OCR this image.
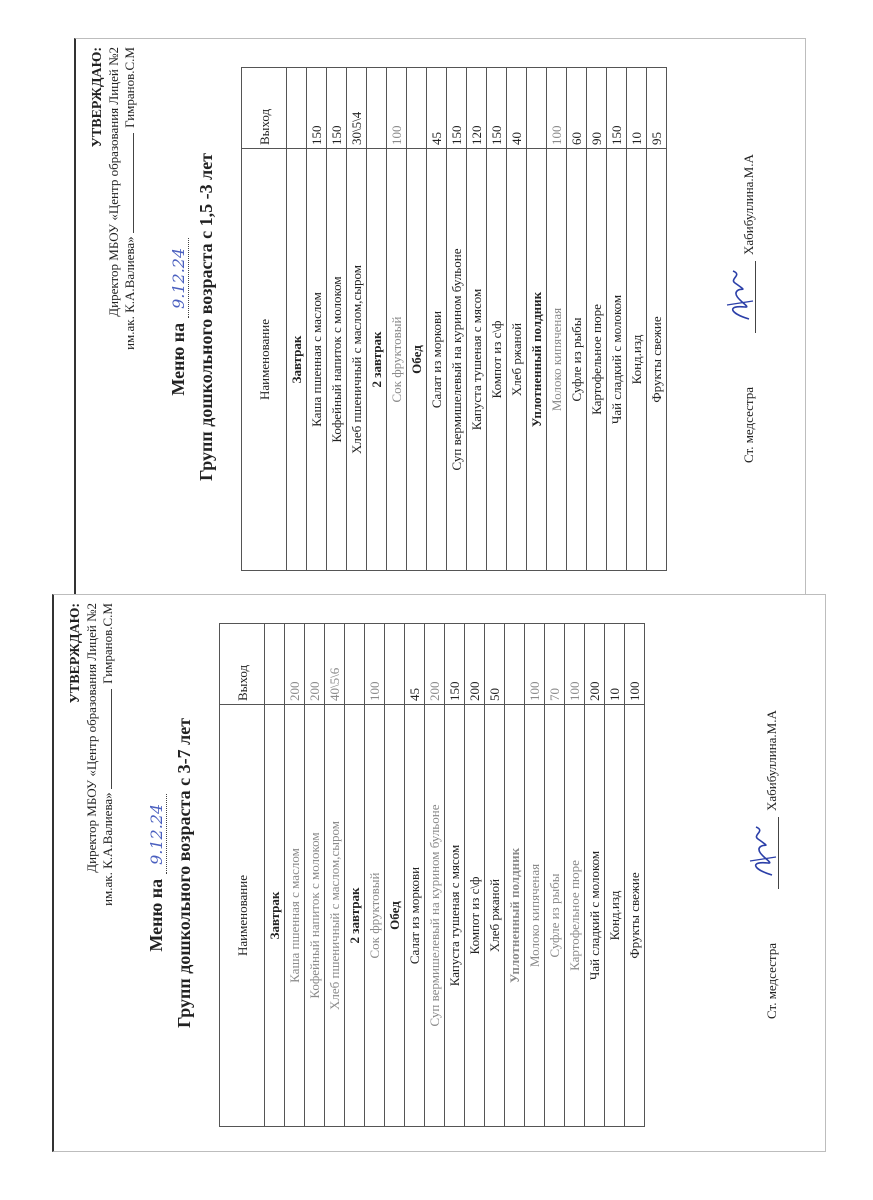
УТВЕРЖДАЮ: Директор МБОУ «Центр образования Лицей №2 им.ак. К.А.Валиева»  Гимранов.С.М
Меню на 9.12.24 Групп дошкольного возраста с 1,5 -3 лет	Наименование	Выход
Завтрак	
Каша пшенная с маслом	150
Кофейный напиток с молоком	150
Хлеб пшеничный с маслом,сыром	30\5\4
2 завтрак	
Сок фруктовый	100
Обед	
Салат из моркови	45
Суп вермишелевый на курином бульоне	150
Капуста тушеная с мясом	120
Компот из с\ф	150
Хлеб ржаной	40
Уплотненный полдник	
Молоко кипяченая	100
Суфле из рыбы	60
Картофельное пюре	90
Чай сладкий с молоком	150
Конд.изд	10
Фрукты свежие	95
Ст. медсестра
Хабибуллина.М.А
УТВЕРЖДАЮ: Директор МБОУ «Центр образования Лицей №2 им.ак. К.А.Валиева»  Гимранов.С.М
Меню на 9.12.24 Групп дошкольного возраста с 3-7 лет	Наименование	Выход
Завтрак	
Каша пшенная с маслом	200
Кофейный напиток с молоком	200
Хлеб пшеничный с маслом,сыром	40\5\6
2 завтрак	
Сок фруктовый	100
Обед	
Салат из моркови	45
Суп вермишелевый на курином бульоне	200
Капуста тушеная с мясом	150
Компот из с\ф	200
Хлеб ржаной	50
Уплотненный полдник	
Молоко кипяченая	100
Суфле из рыбы	70
Картофельное пюре	100
Чай сладкий с молоком	200
Конд.изд	10
Фрукты свежие	100
Ст. медсестра
Хабибуллина.М.А
